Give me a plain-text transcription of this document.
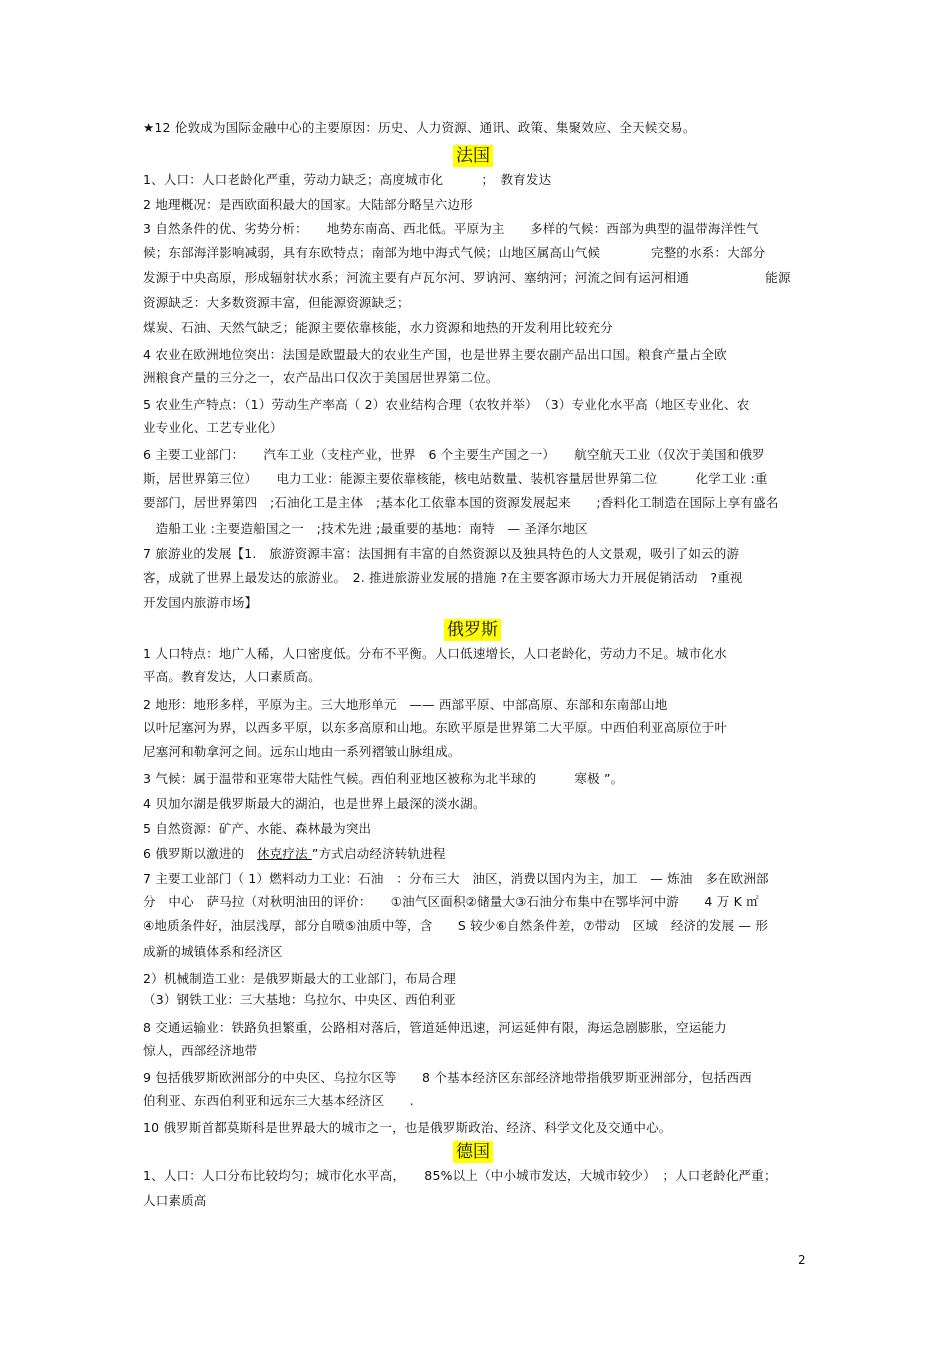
★12 伦敦成为国际金融中心的主要原因：历史、人力资源、通讯、政策、集聚效应、全天候交易。
法国
1、人口：人口老龄化严重，劳动力缺乏；高度城市化　　　；　教育发达
2 地理概况：是西欧面积最大的国家。大陆部分略呈六边形
3 自然条件的优、劣势分析：　　地势东南高、西北低。平原为主　　多样的气候：西部为典型的温带海洋性气
候；东部海洋影响减弱，具有东欧特点；南部为地中海式气候；山地区属高山气候　　　　完整的水系：大部分
发源于中央高原，形成辐射状水系；河流主要有卢瓦尔河、罗讷河、塞纳河；河流之间有运河相通　　　　　　能源
资源缺乏：大多数资源丰富，但能源资源缺乏；
煤炭、石油、天然气缺乏；能源主要依靠核能，水力资源和地热的开发利用比较充分
4 农业在欧洲地位突出：法国是欧盟最大的农业生产国，也是世界主要农副产品出口国。粮食产量占全欧
洲粮食产量的三分之一，农产品出口仅次于美国居世界第二位。
5 农业生产特点：（1）劳动生产率高（ 2）农业结构合理（农牧并举）　（3）专业化水平高（地区专业化、农
业专业化、工艺专业化）
6 主要工业部门：　　汽车工业（支柱产业，世界　6 个主要生产国之一）　　航空航天工业（仅次于美国和俄罗
斯，居世界第三位）　　电力工业：能源主要依靠核能，核电站数量、装机容量居世界第二位　　　化学工业 :重
要部门，居世界第四　;石油化工是主体　;基本化工依靠本国的资源发展起来　　;香料化工制造在国际上享有盛名
　造船工业 :主要造船国之一　;技术先进 ;最重要的基地：南特　— 圣泽尔地区
7 旅游业的发展【1.　旅游资源丰富：法国拥有丰富的自然资源以及独具特色的人文景观，吸引了如云的游
客，成就了世界上最发达的旅游业。　2. 推进旅游业发展的措施 ?在主要客源市场大力开展促销活动　?重视
开发国内旅游市场】
俄罗斯
1 人口特点：地广人稀，人口密度低。分布不平衡。人口低速增长，人口老龄化，劳动力不足。城市化水
平高。教育发达，人口素质高。
2 地形：地形多样，平原为主。三大地形单元　—— 西部平原、中部高原、东部和东南部山地
以叶尼塞河为界，以西多平原，以东多高原和山地。东欧平原是世界第二大平原。中西伯利亚高原位于叶
尼塞河和勒拿河之间。远东山地由一系列褶皱山脉组成。
3 气候：属于温带和亚寒带大陆性气候。西伯利亚地区被称为北半球的　　　寒极 ”。
4 贝加尔湖是俄罗斯最大的湖泊，也是世界上最深的淡水湖。
5 自然资源：矿产、水能、森林最为突出
6 俄罗斯以激进的　休克疗法 ”方式启动经济转轨进程
7 主要工业部门（ 1）燃料动力工业：石油　：分布三大　油区，消费以国内为主，加工　— 炼油　多在欧洲部
分　中心　萨马拉（对秋明油田的评价：　　①油气区面积②储量大③石油分布集中在鄂毕河中游　　4 万 K ㎡
④地质条件好，油层浅厚，部分自喷⑤油质中等，含　　S 较少⑥自然条件差，⑦带动　区域　经济的发展 — 形
成新的城镇体系和经济区
2）机械制造工业：是俄罗斯最大的工业部门，布局合理
（3）钢铁工业：三大基地：乌拉尔、中央区、西伯利亚
8 交通运输业：铁路负担繁重，公路相对落后，管道延伸迅速，河运延伸有限，海运急剧膨胀，空运能力
惊人，西部经济地带
9 包括俄罗斯欧洲部分的中央区、乌拉尔区等　　8 个基本经济区东部经济地带指俄罗斯亚洲部分，包括西西
伯利亚、东西伯利亚和远东三大基本经济区　　.
10 俄罗斯首都莫斯科是世界最大的城市之一，也是俄罗斯政治、经济、科学文化及交通中心。
德国
1、人口：人口分布比较均匀；城市化水平高，　　85%以上（中小城市发达，大城市较少）　；人口老龄化严重；
人口素质高
2
